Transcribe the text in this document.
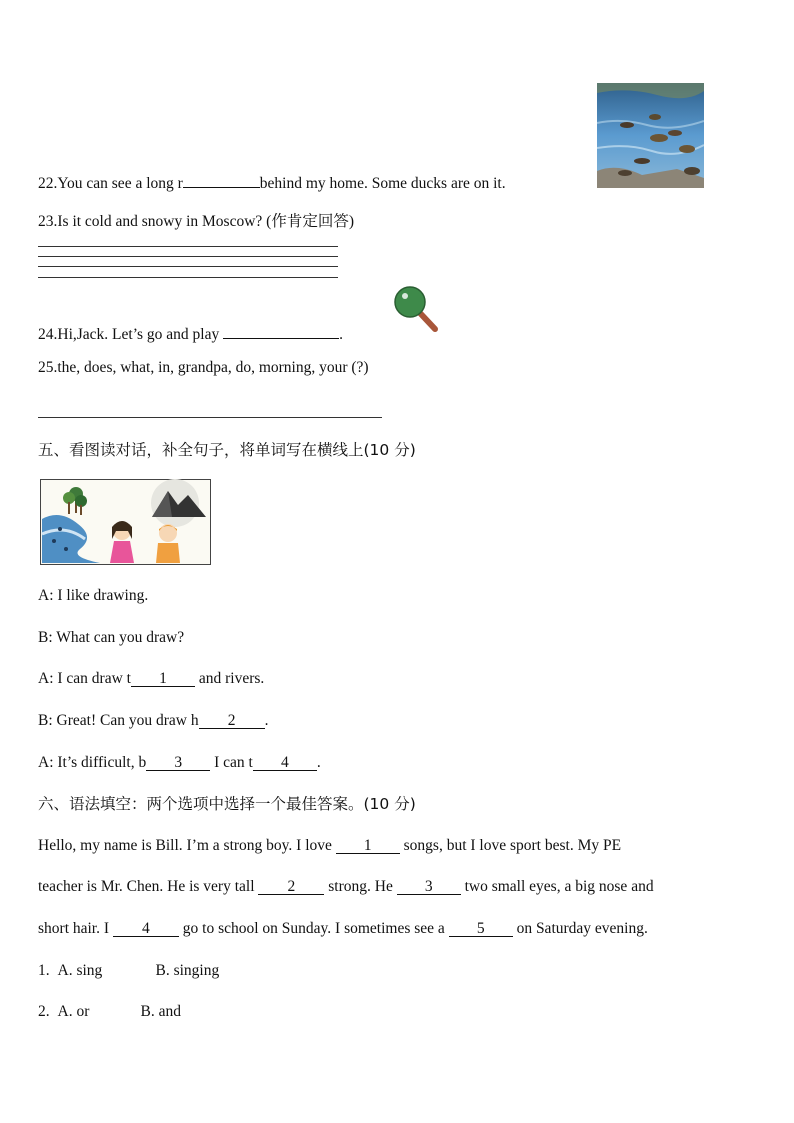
22.You can see a long r	behind my home. Some ducks are on it.
23.Is it cold and snowy in Moscow? (作肯定回答)
24.Hi,Jack. Let’s go and play	.
25.the, does, what, in, grandpa, do, morning, your (?)
五、看图读对话，补全句子，将单词写在横线上(10 分)
A: I like drawing.
B: What can you draw?
A: I can draw t 1 and rivers.
B: Great! Can you draw h 2 .
A: It’s difficult, b 3 I can t 4 .
六、语法填空：两个选项中选择一个最佳答案。(10 分)
Hello, my name is Bill. I’m a strong boy. I love 1 songs, but I love sport best. My PE
teacher is Mr. Chen. He is very tall 2 strong. He 3 two small eyes, a big nose and
short hair. I 4 go to school on Sunday. I sometimes see a 5 on Saturday evening.
1. A. sing	B. singing
2. A. or	B. and
